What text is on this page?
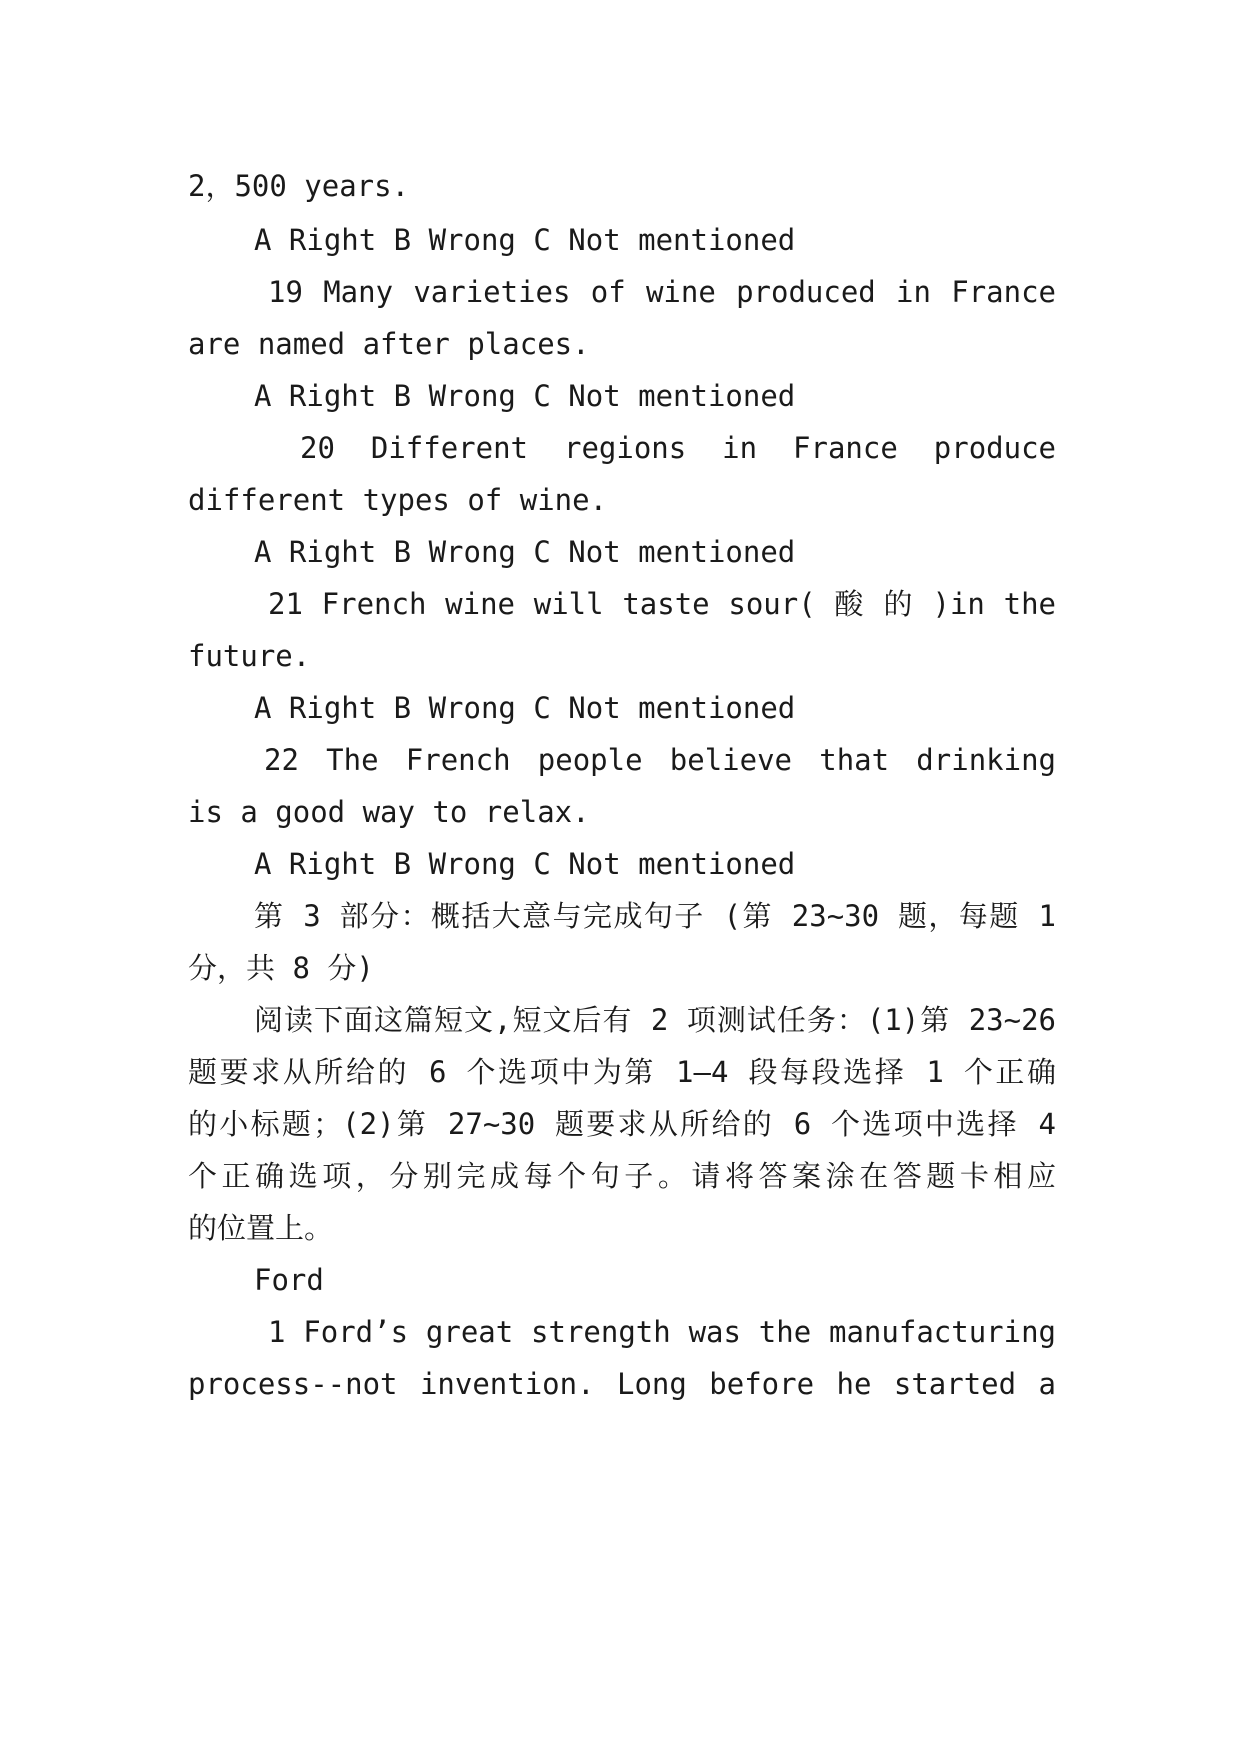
2，500 years.
A Right B Wrong C Not mentioned
19 Many varieties of wine produced in France
are named after places.
A Right B Wrong C Not mentioned
20 Different regions in France produce
different types of wine.
A Right B Wrong C Not mentioned
21 French wine will taste sour( 酸 的 )in the
future.
A Right B Wrong C Not mentioned
22 The French people believe that drinking
is a good way to relax.
A Right B Wrong C Not mentioned
第 3 部分：概括大意与完成句子 (第 23~30 题，每题 1
分，共 8 分)
阅读下面这篇短文,短文后有 2 项测试任务：(1)第 23~26
题要求从所给的 6 个选项中为第 1—4 段每段选择 1 个正确
的小标题；(2)第 27~30 题要求从所给的 6 个选项中选择 4
个正确选项，分别完成每个句子。请将答案涂在答题卡相应
的位置上。
Ford
1 Ford’s great strength was the manufacturing
process--not invention. Long before he started a
